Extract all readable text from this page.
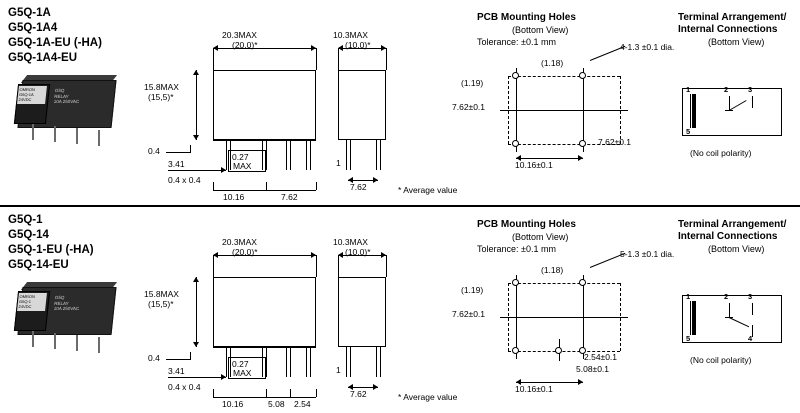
G5Q-1A
G5Q-1A4
G5Q-1A-EU (-HA)
G5Q-1A4-EU
OMRON
G5Q-1A
24VDC
G5Q
RELAY
10A 250VAC
20.3MAX
(20.0)*
15.8MAX
(15,5)*
0.4
3.41
0.27
MAX
0.4 x 0.4
10.16	7.62
10.3MAX
(10.0)*
1
7.62	* Average value
PCB Mounting Holes
(Bottom View)
Tolerance: ±0.1 mm	4-1.3 ±0.1 dia.
(1.18)
(1.19)
7.62±0.1
7.62±0.1
10.16±0.1
Terminal Arrangement/
Internal Connections
(Bottom View)
1
5
2	3
(No coil polarity)
G5Q-1
G5Q-14
G5Q-1-EU (-HA)
G5Q-14-EU
OMRON
G5Q-1
24VDC
G5Q
RELAY
10A 250VAC
20.3MAX
(20.0)*
15.8MAX
(15,5)*
0.4
3.41
0.27
MAX
0.4 x 0.4
10.16	5.08 2.54
10.3MAX
(10.0)*
1
7.62	* Average value
PCB Mounting Holes
(Bottom View)
Tolerance: ±0.1 mm	5-1.3 ±0.1 dia.
(1.18)
(1.19)
7.62±0.1
2.54±0.1
5.08±0.1
10.16±0.1
Terminal Arrangement/
Internal Connections
(Bottom View)
1
5
2	3
4
(No coil polarity)
